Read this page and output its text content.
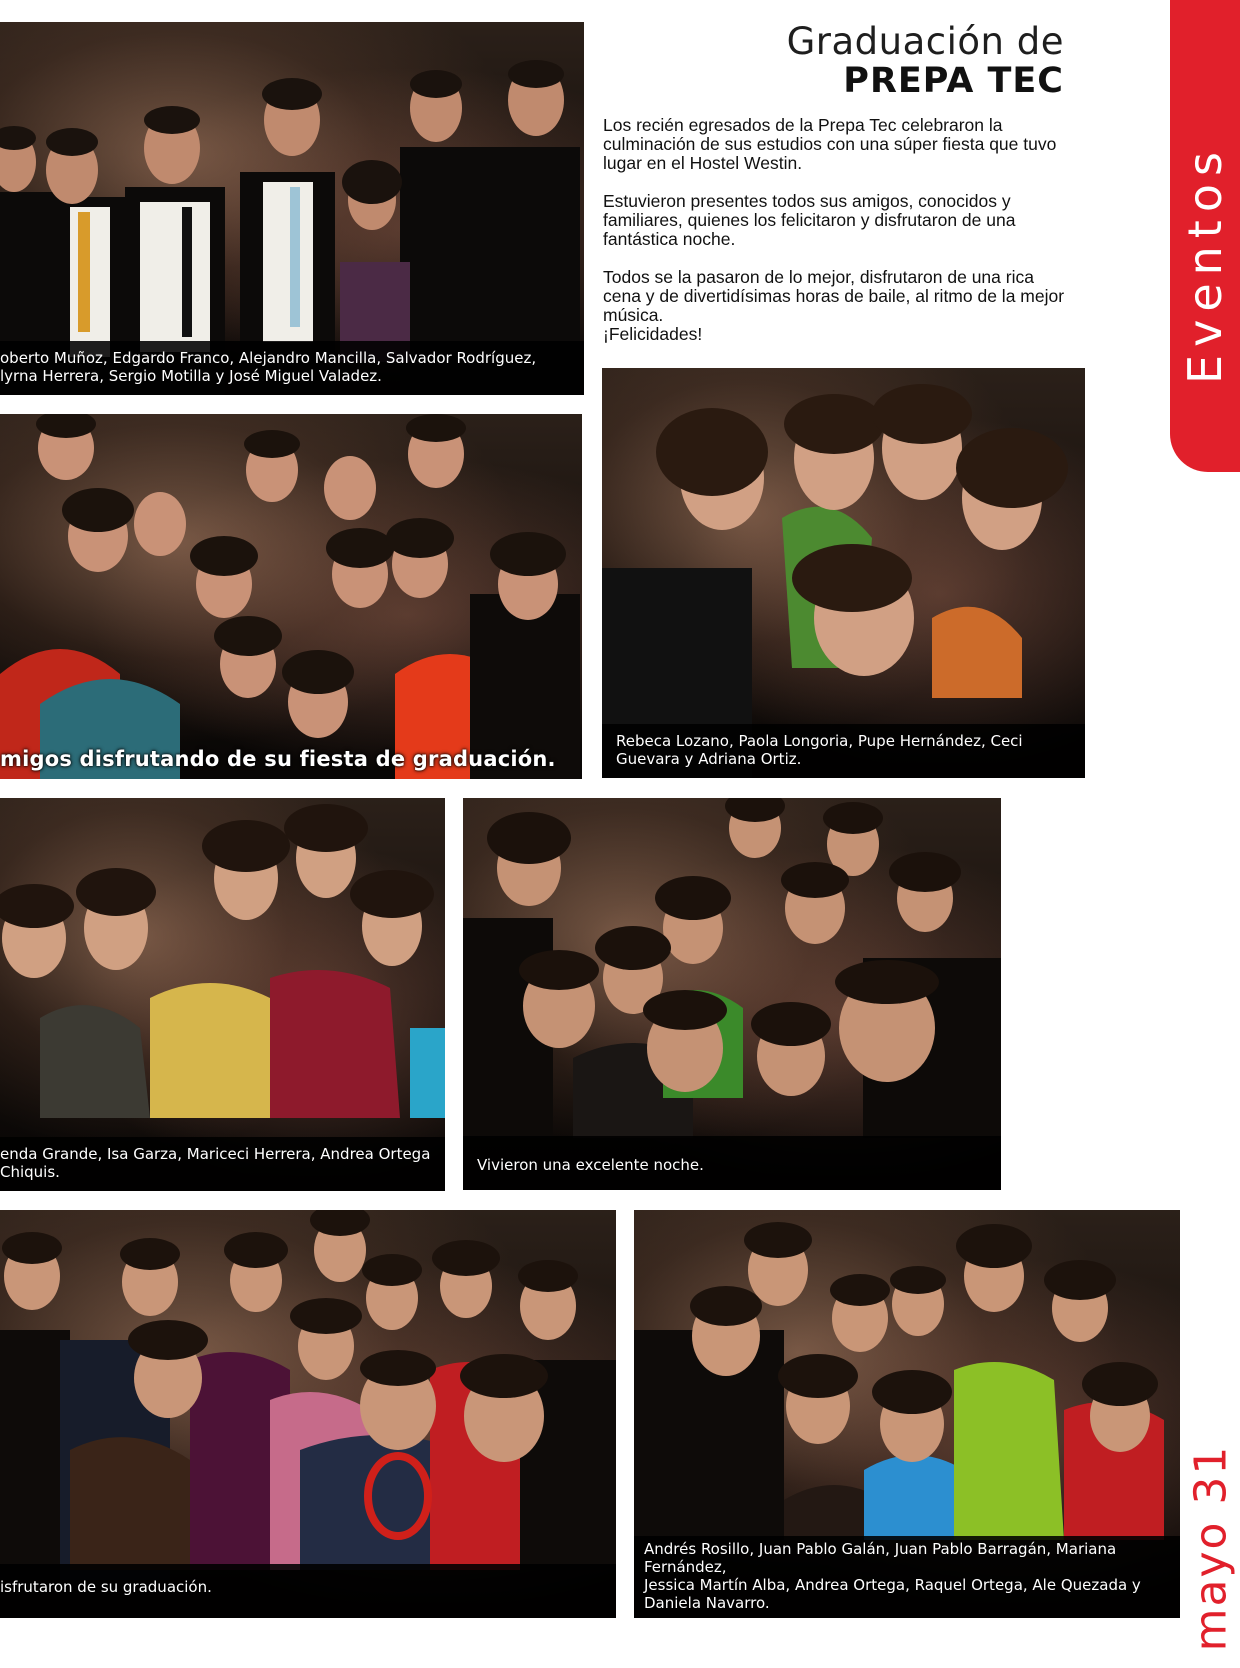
oberto Muñoz, Edgardo Franco, Alejandro Mancilla, Salvador Rodríguez,
lyrna Herrera, Sergio Motilla y José Miguel Valadez.
Graduación de
PREPA TEC

Los recién egresados de la Prepa Tec celebraron la culminación de sus estudios con una súper fiesta que tuvo lugar en el Hostel Westin.

Estuvieron presentes todos sus amigos, conocidos y familiares, quienes los felicitaron y disfrutaron de una fantástica noche.

Todos se la pasaron de lo mejor, disfrutaron de una rica cena y de divertidísimas horas de baile, al ritmo de la mejor música.
¡Felicidades!	Eventos
migos disfrutando de su fiesta de graduación.
Rebeca Lozano, Paola Longoria, Pupe Hernández, Ceci
Guevara y Adriana Ortiz.
enda Grande, Isa Garza, Mariceci Herrera, Andrea Ortega
Chiquis.	Vivieron una excelente noche.
isfrutaron de su graduación.
Andrés Rosillo, Juan Pablo Galán, Juan Pablo Barragán, Mariana Fernández,
Jessica Martín Alba, Andrea Ortega, Raquel Ortega, Ale Quezada y
Daniela Navarro.	mayo 31
